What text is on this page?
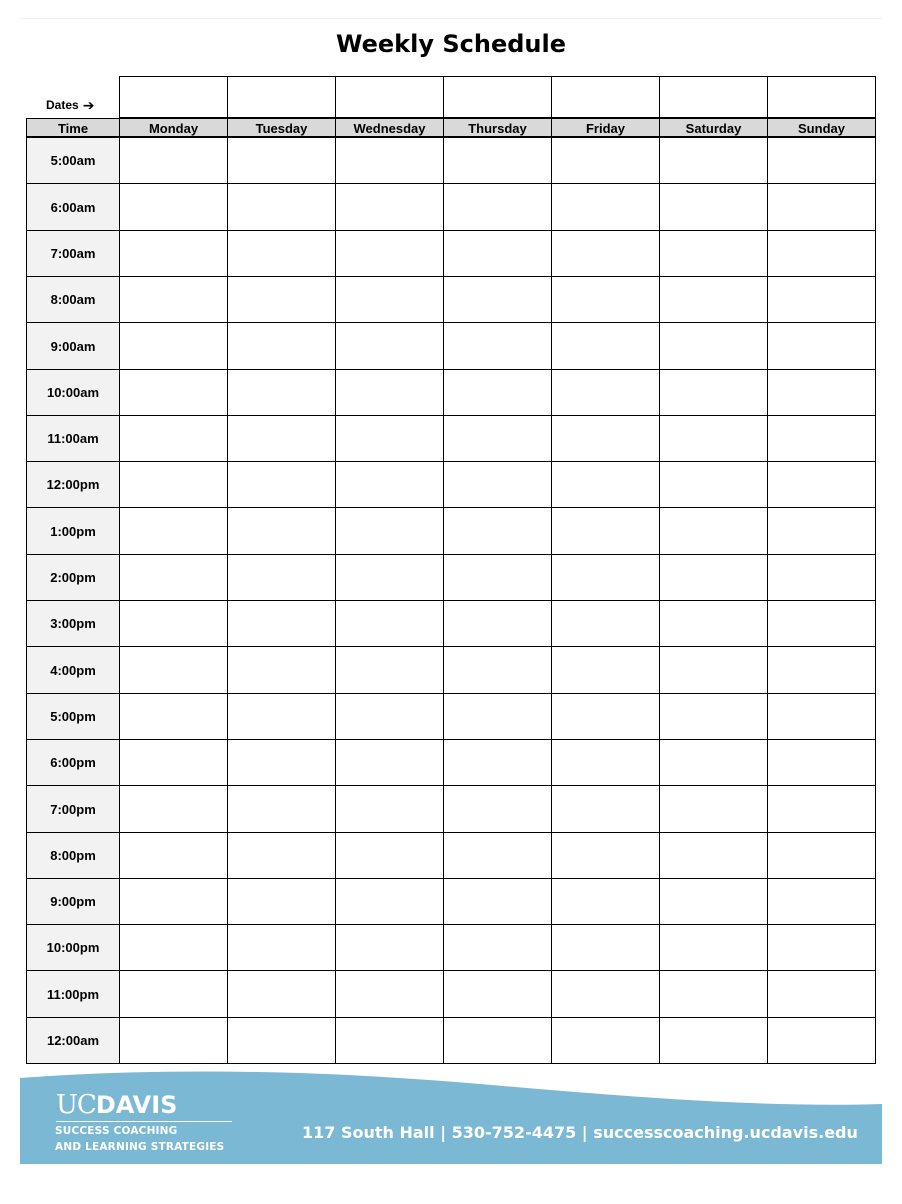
Weekly Schedule
Dates ➔
Time	Monday	Tuesday	Wednesday	Thursday	Friday	Saturday	Sunday
5:00am
6:00am
7:00am
8:00am
9:00am
10:00am
11:00am
12:00pm
1:00pm
2:00pm
3:00pm
4:00pm
5:00pm
6:00pm
7:00pm
8:00pm
9:00pm
10:00pm
11:00pm
12:00am
UCDAVIS
SUCCESS COACHING
AND LEARNING STRATEGIES
117 South Hall | 530-752-4475 | successcoaching.ucdavis.edu
